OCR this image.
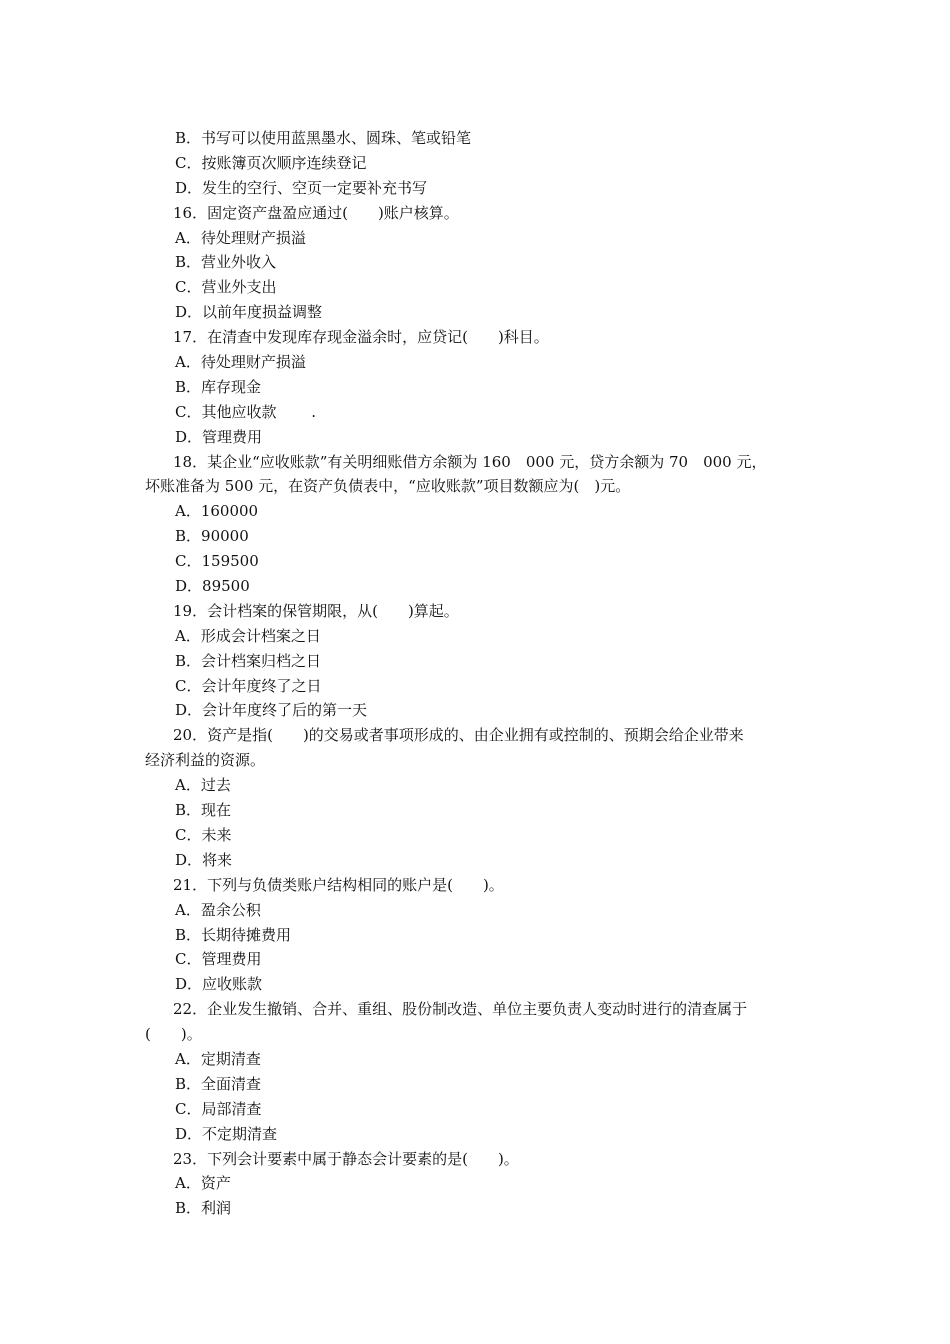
B．书写可以使用蓝黑墨水、圆珠、笔或铅笔
C．按账簿页次顺序连续登记
D．发生的空行、空页一定要补充书写
16．固定资产盘盈应通过(　　)账户核算。
A．待处理财产损溢
B．营业外收入
C．营业外支出
D．以前年度损益调整
17．在清查中发现库存现金溢余时，应贷记(　　)科目。
A．待处理财产损溢
B．库存现金
C．其他应收款　　 .
D．管理费用
18．某企业“应收账款”有关明细账借方余额为 160　000 元，贷方余额为 70　000 元，
坏账准备为 500 元，在资产负债表中，“应收账款”项目数额应为(　)元。
A．160000
B．90000
C．159500
D．89500
19．会计档案的保管期限，从(　　)算起。
A．形成会计档案之日
B．会计档案归档之日
C．会计年度终了之日
D．会计年度终了后的第一天
20．资产是指(　　)的交易或者事项形成的、由企业拥有或控制的、预期会给企业带来
经济利益的资源。
A．过去
B．现在
C．未来
D．将来
21．下列与负债类账户结构相同的账户是(　　)。
A．盈余公积
B．长期待摊费用
C．管理费用
D．应收账款
22．企业发生撤销、合并、重组、股份制改造、单位主要负责人变动时进行的清查属于
(　　)。
A．定期清查
B．全面清查
C．局部清查
D．不定期清查
23．下列会计要素中属于静态会计要素的是(　　)。
A．资产
B．利润
